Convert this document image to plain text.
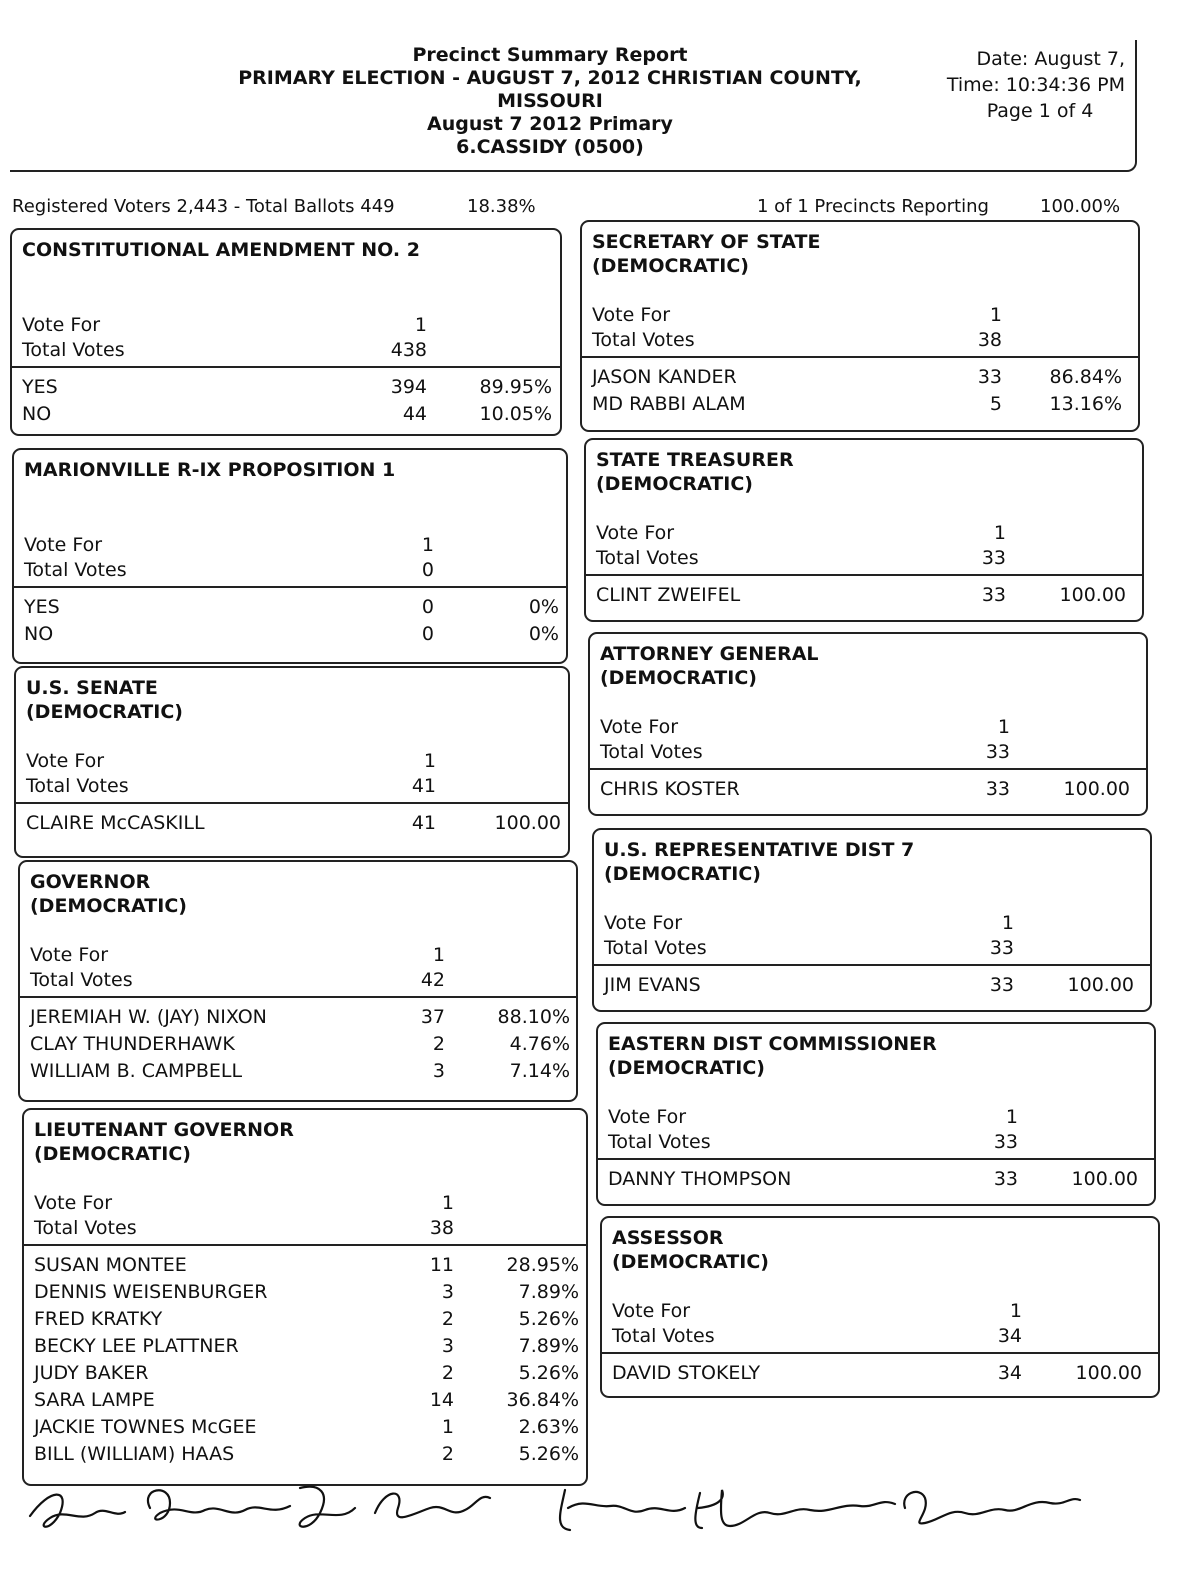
Precinct Summary Report
PRIMARY ELECTION - AUGUST 7, 2012 CHRISTIAN COUNTY,
MISSOURI
August 7 2012 Primary
6.CASSIDY (0500)
Date: August 7,
Time: 10:34:36 PM
Page 1 of 4
Registered Voters 2,443 - Total Ballots 449	18.38%	1 of 1 Precincts Reporting	100.00%
CONSTITUTIONAL AMENDMENT NO. 2
Vote For	1
Total Votes	438
YES	394	89.95%
NO	44	10.05%
MARIONVILLE R-IX PROPOSITION 1
Vote For	1
Total Votes	0
YES	0	0%
NO	0	0%
U.S. SENATE
(DEMOCRATIC)
Vote For	1
Total Votes	41
CLAIRE McCASKILL	41	100.00
GOVERNOR
(DEMOCRATIC)
Vote For	1
Total Votes	42
JEREMIAH W. (JAY) NIXON	37	88.10%
CLAY THUNDERHAWK	2	4.76%
WILLIAM B. CAMPBELL	3	7.14%
LIEUTENANT GOVERNOR
(DEMOCRATIC)
Vote For	1
Total Votes	38
SUSAN MONTEE	11	28.95%
DENNIS WEISENBURGER	3	7.89%
FRED KRATKY	2	5.26%
BECKY LEE PLATTNER	3	7.89%
JUDY BAKER	2	5.26%
SARA LAMPE	14	36.84%
JACKIE TOWNES McGEE	1	2.63%
BILL (WILLIAM) HAAS	2	5.26%
SECRETARY OF STATE
(DEMOCRATIC)
Vote For	1
Total Votes	38
JASON KANDER	33	86.84%
MD RABBI ALAM	5	13.16%
STATE TREASURER
(DEMOCRATIC)
Vote For	1
Total Votes	33
CLINT ZWEIFEL	33	100.00
ATTORNEY GENERAL
(DEMOCRATIC)
Vote For	1
Total Votes	33
CHRIS KOSTER	33	100.00
U.S. REPRESENTATIVE DIST 7
(DEMOCRATIC)
Vote For	1
Total Votes	33
JIM EVANS	33	100.00
EASTERN DIST COMMISSIONER
(DEMOCRATIC)
Vote For	1
Total Votes	33
DANNY THOMPSON	33	100.00
ASSESSOR
(DEMOCRATIC)
Vote For	1
Total Votes	34
DAVID STOKELY	34	100.00
